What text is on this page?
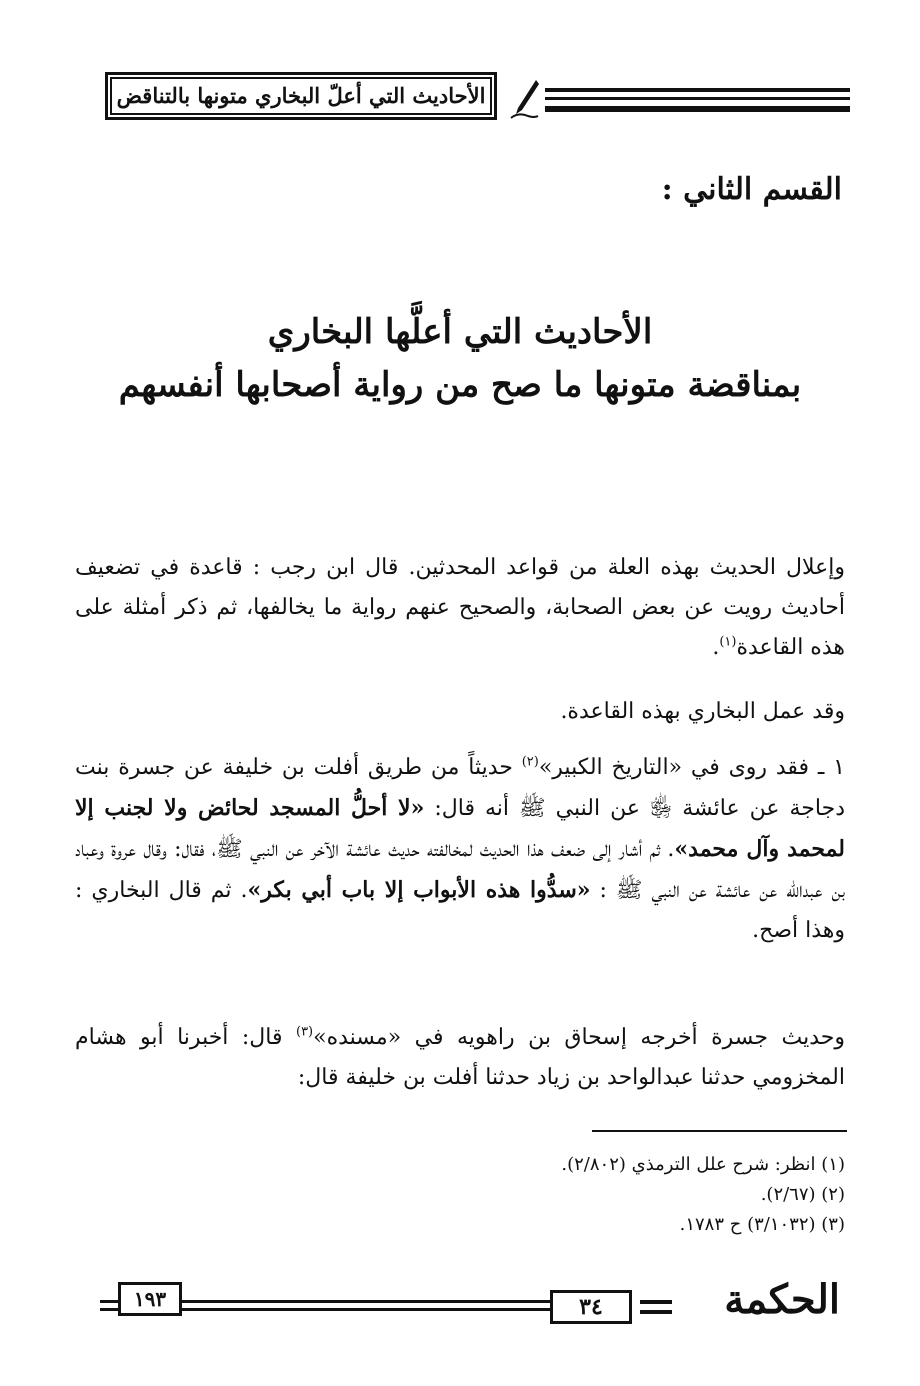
الأحاديث التي أعلّ البخاري متونها بالتناقض
القسم الثاني :
الأحاديث التي أعلَّها البخاري
بمناقضة متونها ما صح من رواية أصحابها أنفسهم
وإعلال الحديث بهذه العلة من قواعد المحدثين. قال ابن رجب : قاعدة في تضعيف أحاديث رويت عن بعض الصحابة، والصحيح عنهم رواية ما يخالفها، ثم ذكر أمثلة على هذه القاعدة$^{(١)}$.
وقد عمل البخاري بهذه القاعدة.
١ ـ فقد روى في «التاريخ الكبير»$^{(٢)}$ حديثاً من طريق أفلت بن خليفة عن جسرة بنت دجاجة عن عائشة ﵂ عن النبي ﷺ أنه قال: «لا أحلُّ المسجد لحائض ولا لجنب إلا لمحمد وآل محمد». ثم أشار إلى ضعف هذا الحديث لمخالفته حديث عائشة الآخر عن النبي ﷺ، فقال: وقال عروة وعباد بن عبدالله عن عائشة عن النبي ﷺ : «سدُّوا هذه الأبواب إلا باب أبي بكر». ثم قال البخاري : وهذا أصح.
وحديث جسرة أخرجه إسحاق بن راهويه في «مسنده»$^{(٣)}$ قال: أخبرنا أبو هشام المخزومي حدثنا عبدالواحد بن زياد حدثنا أفلت بن خليفة قال:
(١) انظر: شرح علل الترمذي (٢/٨٠٢).
(٢) (٢/٦٧).
(٣) (٣/١٠٣٢) ح ١٧٨٣.
١٩٣	٣٤	الحكمة
